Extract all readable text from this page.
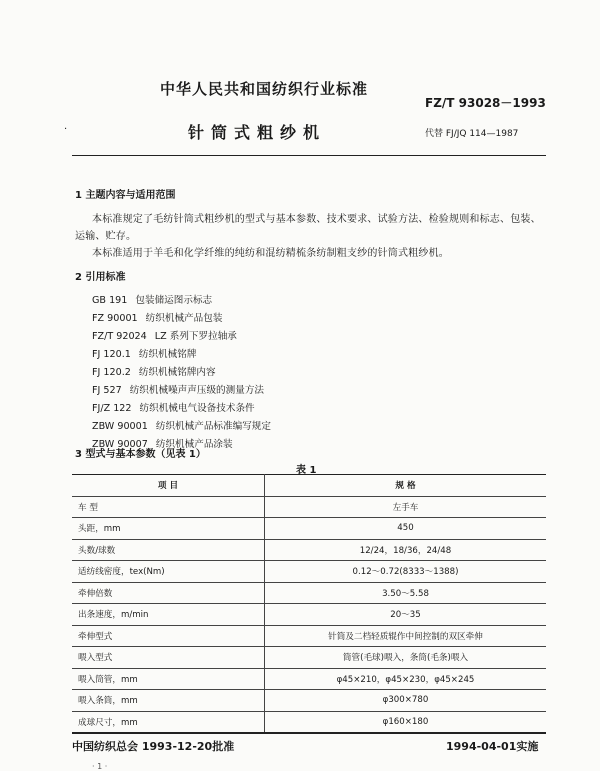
中华人民共和国纺织行业标准
FZ/T 93028－1993
·	针筒式粗纱机	代替 FJ/JQ 114—1987
1 主题内容与适用范围
本标准规定了毛纺针筒式粗纱机的型式与基本参数、技术要求、试验方法、检验规则和标志、包装、
运输、贮存。
本标准适用于羊毛和化学纤维的纯纺和混纺精梳条纺制粗支纱的针筒式粗纱机。
2 引用标准
GB 191 包装储运图示标志
FZ 90001 纺织机械产品包装
FZ/T 92024 LZ 系列下罗拉轴承
FJ 120.1 纺织机械铭牌
FJ 120.2 纺织机械铭牌内容
FJ 527 纺织机械噪声声压级的测量方法
FJ/Z 122 纺织机械电气设备技术条件
ZBW 90001 纺织机械产品标准编写规定
ZBW 90007 纺织机械产品涂装
3 型式与基本参数（见表 1）
表 1
项 目	规 格
车 型	左手车
头距，mm	450
头数/球数	12/24，18/36，24/48
适纺线密度，tex(Nm)	0.12～0.72(8333～1388)
牵伸倍数	3.50～5.58
出条速度，m/min	20～35
牵伸型式	针筒及二档轻质辊作中间控制的双区牵伸
喂入型式	筒管(毛球)喂入，条筒(毛条)喂入
喂入筒管，mm	φ45×210，φ45×230，φ45×245
喂入条筒，mm	φ300×780
成球尺寸，mm	φ160×180
中国纺织总会 1993-12-20批准	1994-04-01实施
· 1 ·
